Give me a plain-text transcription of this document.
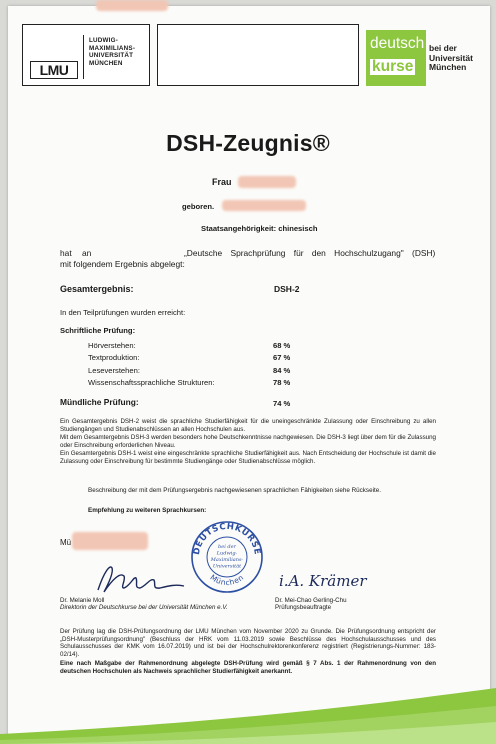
LMU
LUDWIG-
MAXIMILIANS-
UNIVERSITÄT
MÜNCHEN
deutsch
kurse
bei der
Universität
München
DSH-Zeugnis®
Frau
geboren.
Staatsangehörigkeit: chinesisch
hat an	„Deutsche Sprachprüfung für den Hochschulzugang" (DSH)
mit folgendem Ergebnis abgelegt:
Gesamtergebnis:	DSH-2
In den Teilprüfungen wurden erreicht:
Schriftliche Prüfung:
Hörverstehen:	68 %
Textproduktion:	67 %
Leseverstehen:	84 %
Wissenschaftssprachliche Strukturen:	78 %
Mündliche Prüfung:	74 %
Ein Gesamtergebnis DSH-2 weist die sprachliche Studierfähigkeit für die uneingeschränkte Zulassung oder Einschreibung zu allen Studiengängen und Studienabschlüssen an allen Hochschulen aus.
Mit dem Gesamtergebnis DSH-3 werden besonders hohe Deutschkenntnisse nachgewiesen. Die DSH-3 liegt über dem für die Zulassung oder Einschreibung erforderlichen Niveau.
Ein Gesamtergebnis DSH-1 weist eine eingeschränkte sprachliche Studierfähigkeit aus. Nach Entscheidung der Hochschule ist damit die Zulassung oder Einschreibung für bestimmte Studiengänge oder Studienabschlüsse möglich.
Beschreibung der mit dem Prüfungsergebnis nachgewiesenen sprachlichen Fähigkeiten siehe Rückseite.
Empfehlung zu weiteren Sprachkursen:
Mü
i.A. Krämer
DEUTSCHKURSE
München
bei der
Ludwig-
Maximilians-
Universität
Dr. Melanie Moll
Direktorin der Deutschkurse bei der Universität München e.V.
Dr. Mei-Chao Gerling-Chu
Prüfungsbeauftragte
Der Prüfung lag die DSH-Prüfungsordnung der LMU München vom November 2020 zu Grunde. Die Prüfungsordnung entspricht der „DSH-Musterprüfungsordnung" (Beschluss der HRK vom 11.03.2019 sowie Beschlüsse des Hochschulausschusses und des Schulausschusses der KMK vom 16.07.2019) und ist bei der Hochschulrektorenkonferenz registriert (Registrierungs-Nummer: 183-02/14).
Eine nach Maßgabe der Rahmenordnung abgelegte DSH-Prüfung wird gemäß § 7 Abs. 1 der Rahmenordnung von den deutschen Hochschulen als Nachweis sprachlicher Studierfähigkeit anerkannt.
